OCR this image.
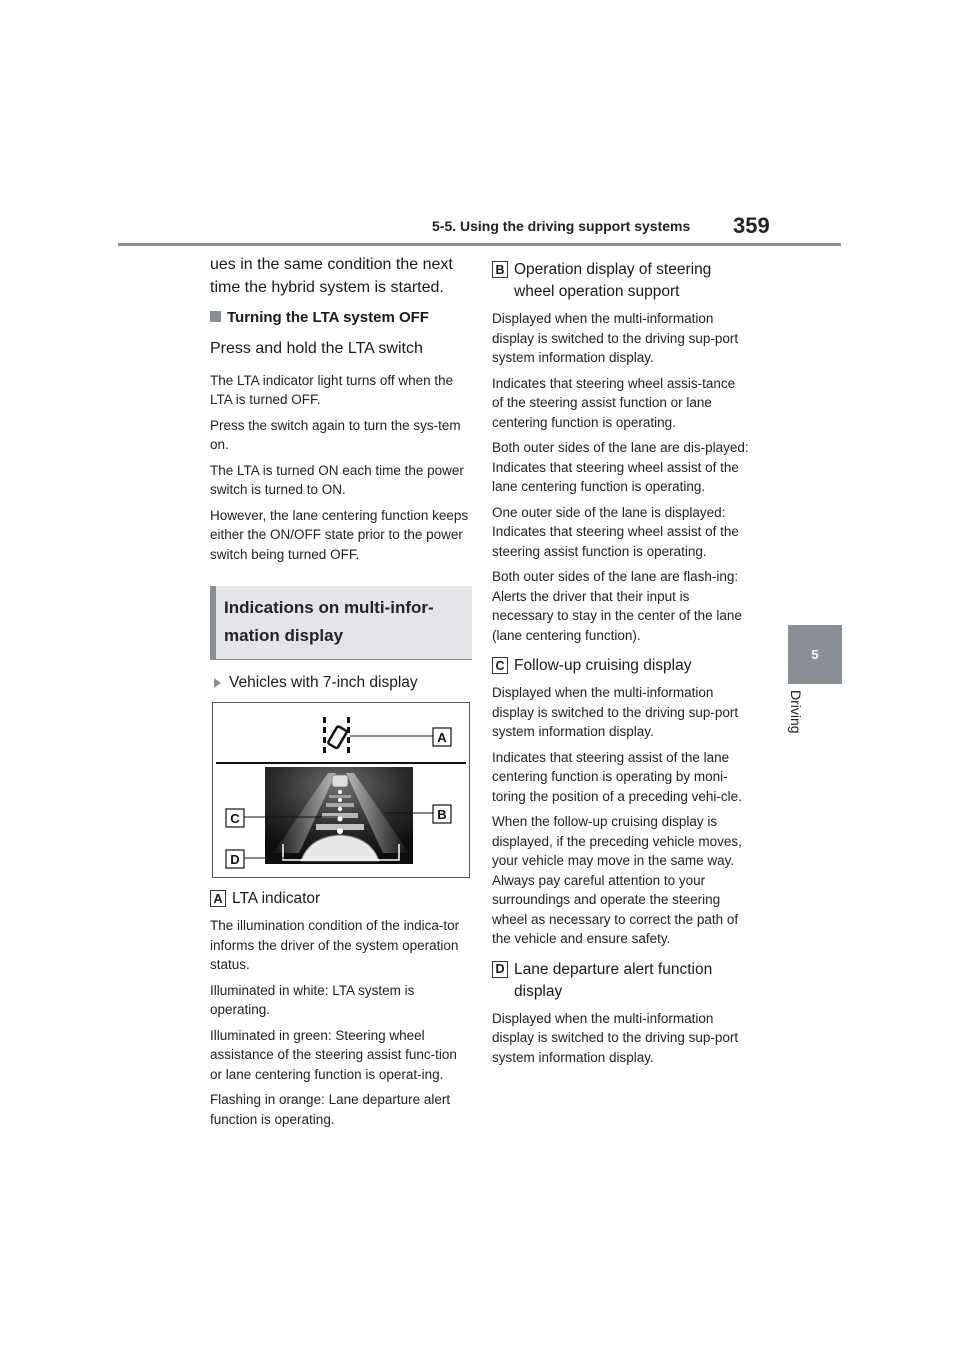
5-5. Using the driving support systems 359
5
Driving

ues in the same condition the next time the hybrid system is started.

Turning the LTA system OFF

Press and hold the LTA switch

The LTA indicator light turns off when the LTA is turned OFF.

Press the switch again to turn the sys-tem on.

The LTA is turned ON each time the power switch is turned to ON.

However, the lane centering function keeps either the ON/OFF state prior to the power switch being turned OFF.

Indications on multi-infor-mation display
Vehicles with 7-inch display
A
C	B
D
A LTA indicator

The illumination condition of the indica-tor informs the driver of the system operation status.

Illuminated in white: LTA system is operating.

Illuminated in green: Steering wheel assistance of the steering assist func-tion or lane centering function is operat-ing.

Flashing in orange: Lane departure alert function is operating.

B Operation display of steering wheel operation support

Displayed when the multi-information display is switched to the driving sup-port system information display.

Indicates that steering wheel assis-tance of the steering assist function or lane centering function is operating.

Both outer sides of the lane are dis-played: Indicates that steering wheel assist of the lane centering function is operating.

One outer side of the lane is displayed: Indicates that steering wheel assist of the steering assist function is operating.

Both outer sides of the lane are flash-ing: Alerts the driver that their input is necessary to stay in the center of the lane (lane centering function).

C Follow-up cruising display

Displayed when the multi-information display is switched to the driving sup-port system information display.

Indicates that steering assist of the lane centering function is operating by moni-toring the position of a preceding vehi-cle.

When the follow-up cruising display is displayed, if the preceding vehicle moves, your vehicle may move in the same way. Always pay careful attention to your surroundings and operate the steering wheel as necessary to correct the path of the vehicle and ensure safety.

D Lane departure alert function display

Displayed when the multi-information display is switched to the driving sup-port system information display.
